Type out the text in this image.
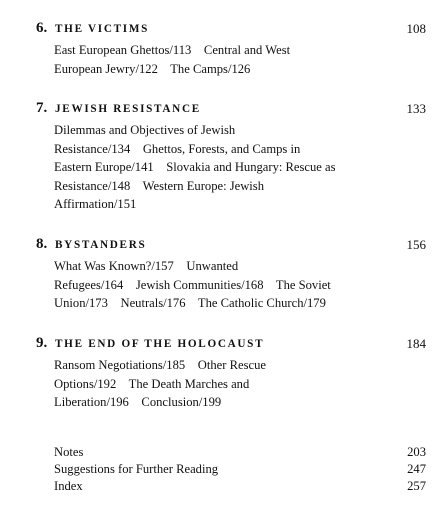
6. THE VICTIMS	108
East European Ghettos/113    Central and West
European Jewry/122    The Camps/126
7. JEWISH RESISTANCE	133
Dilemmas and Objectives of Jewish
Resistance/134    Ghettos, Forests, and Camps in
Eastern Europe/141    Slovakia and Hungary: Rescue as
Resistance/148    Western Europe: Jewish
Affirmation/151
8. BYSTANDERS	156
What Was Known?/157    Unwanted
Refugees/164    Jewish Communities/168    The Soviet
Union/173    Neutrals/176    The Catholic Church/179
9. THE END OF THE HOLOCAUST	184
Ransom Negotiations/185    Other Rescue
Options/192    The Death Marches and
Liberation/196    Conclusion/199
Notes	203
Suggestions for Further Reading	247
Index	257
